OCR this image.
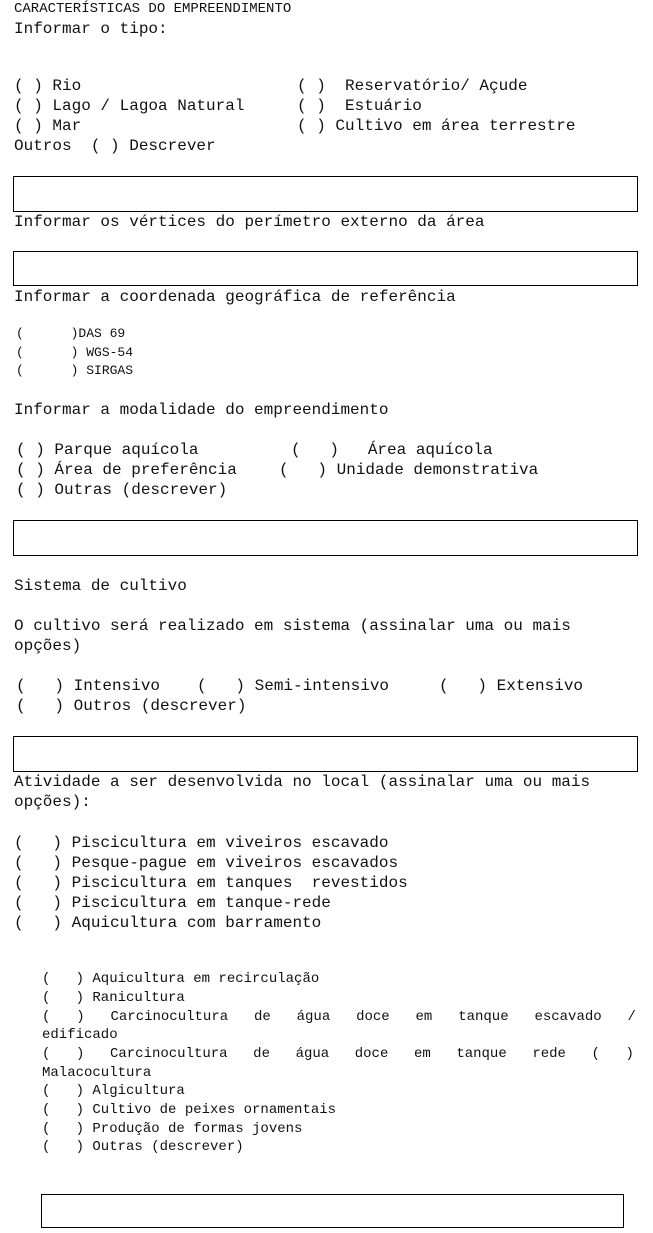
CARACTERÍSTICAS DO EMPREENDIMENTO
Informar o tipo:
( ) Rio	( )  Reservatório/ Açude
( ) Lago / Lagoa Natural	( )  Estuário
( ) Mar	( ) Cultivo em área terrestre
Outros  ( ) Descrever
Informar os vértices do perímetro externo da área
Informar a coordenada geográfica de referência
(      )DAS 69
(      ) WGS-54
(      ) SIRGAS
Informar a modalidade do empreendimento
( ) Parque aquícola	(   )   Área aquícola
( ) Área de preferência	(   ) Unidade demonstrativa
( ) Outras (descrever)
Sistema de cultivo
O cultivo será realizado em sistema (assinalar uma ou mais
opções)
(   ) Intensivo (   ) Semi-intensivo	(   ) Extensivo
(   ) Outros (descrever)
Atividade a ser desenvolvida no local (assinalar uma ou mais
opções):
(   ) Piscicultura em viveiros escavado
(   ) Pesque-pague em viveiros escavados
(   ) Piscicultura em tanques  revestidos
(   ) Piscicultura em tanque-rede
(   ) Aquicultura com barramento
(   ) Aquicultura em recirculação
(   ) Ranicultura
( ) Carcinocultura de água doce em tanque escavado /
edificado
( ) Carcinocultura de água doce em tanque rede ( )
Malacocultura
(   ) Algicultura
(   ) Cultivo de peixes ornamentais
(   ) Produção de formas jovens
(   ) Outras (descrever)
